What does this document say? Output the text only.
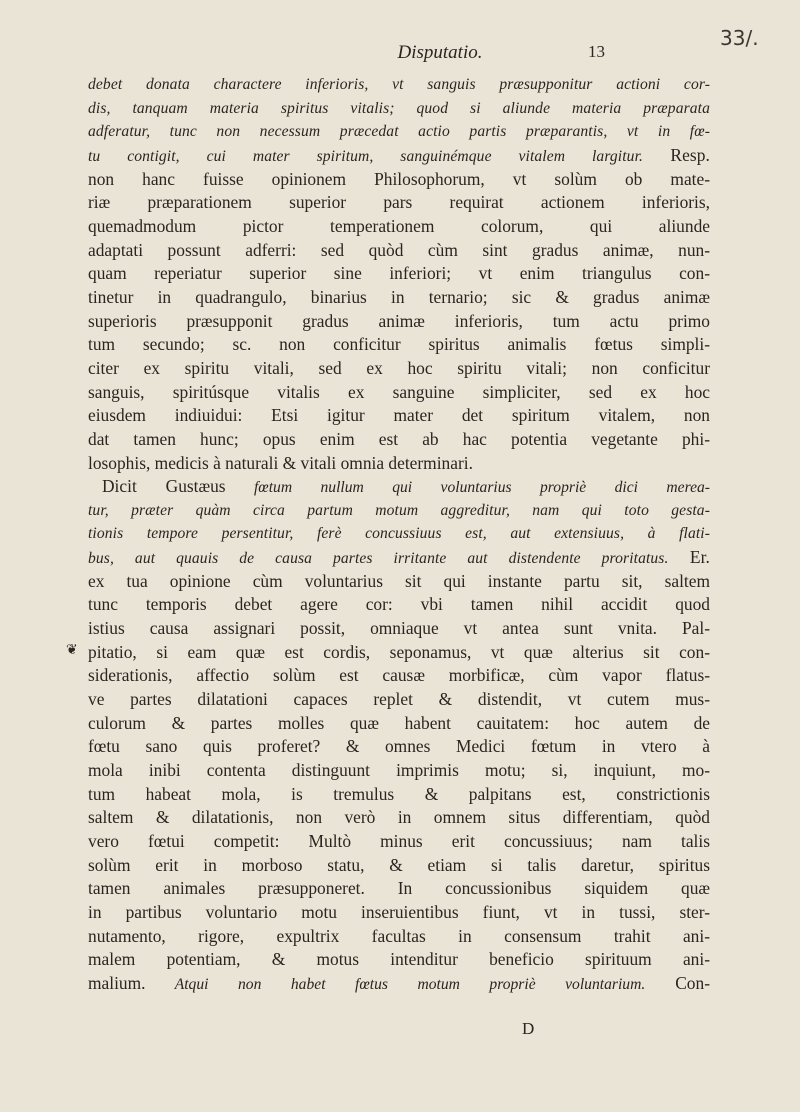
33/.
Disputatio.	13
❦
debet donata charactere inferioris, vt sanguis præsupponitur actioni cor-
dis, tanquam materia spiritus vitalis; quod si aliunde materia præparata
adferatur, tunc non necessum præcedat actio partis præparantis, vt in fœ-
tu contigit, cui mater spiritum, sanguinémque vitalem largitur. Resp.
non hanc fuisse opinionem Philosophorum, vt solùm ob mate-
riæ præparationem superior pars requirat actionem inferioris,
quemadmodum pictor temperationem colorum, qui aliunde
adaptati possunt adferri: sed quòd cùm sint gradus animæ, nun-
quam reperiatur superior sine inferiori; vt enim triangulus con-
tinetur in quadrangulo, binarius in ternario; sic & gradus animæ
superioris præsupponit gradus animæ inferioris, tum actu primo
tum secundo; sc. non conficitur spiritus animalis fœtus simpli-
citer ex spiritu vitali, sed ex hoc spiritu vitali; non conficitur
sanguis, spiritúsque vitalis ex sanguine simpliciter, sed ex hoc
eiusdem indiuidui: Etsi igitur mater det spiritum vitalem, non
dat tamen hunc; opus enim est ab hac potentia vegetante phi-
losophis, medicis à naturali & vitali omnia determinari.
Dicit Gustæus fœtum nullum qui voluntarius propriè dici merea-
tur, præter quàm circa partum motum aggreditur, nam qui toto gesta-
tionis tempore persentitur, ferè concussiuus est, aut extensiuus, à flati-
bus, aut quauis de causa partes irritante aut distendente proritatus. Er.
ex tua opinione cùm voluntarius sit qui instante partu sit, saltem
tunc temporis debet agere cor: vbi tamen nihil accidit quod
istius causa assignari possit, omniaque vt antea sunt vnita. Pal-
pitatio, si eam quæ est cordis, seponamus, vt quæ alterius sit con-
siderationis, affectio solùm est causæ morbificæ, cùm vapor flatus-
ve partes dilatationi capaces replet & distendit, vt cutem mus-
culorum & partes molles quæ habent cauitatem: hoc autem de
fœtu sano quis proferet? & omnes Medici fœtum in vtero à
mola inibi contenta distinguunt imprimis motu; si, inquiunt, mo-
tum habeat mola, is tremulus & palpitans est, constrictionis
saltem & dilatationis, non verò in omnem situs differentiam, quòd
vero fœtui competit: Multò minus erit concussiuus; nam talis
solùm erit in morboso statu, & etiam si talis daretur, spiritus
tamen animales præsupponeret. In concussionibus siquidem quæ
in partibus voluntario motu inseruientibus fiunt, vt in tussi, ster-
nutamento, rigore, expultrix facultas in consensum trahit ani-
malem potentiam, & motus intenditur beneficio spirituum ani-
malium. Atqui non habet fœtus motum propriè voluntarium. Con-
D
